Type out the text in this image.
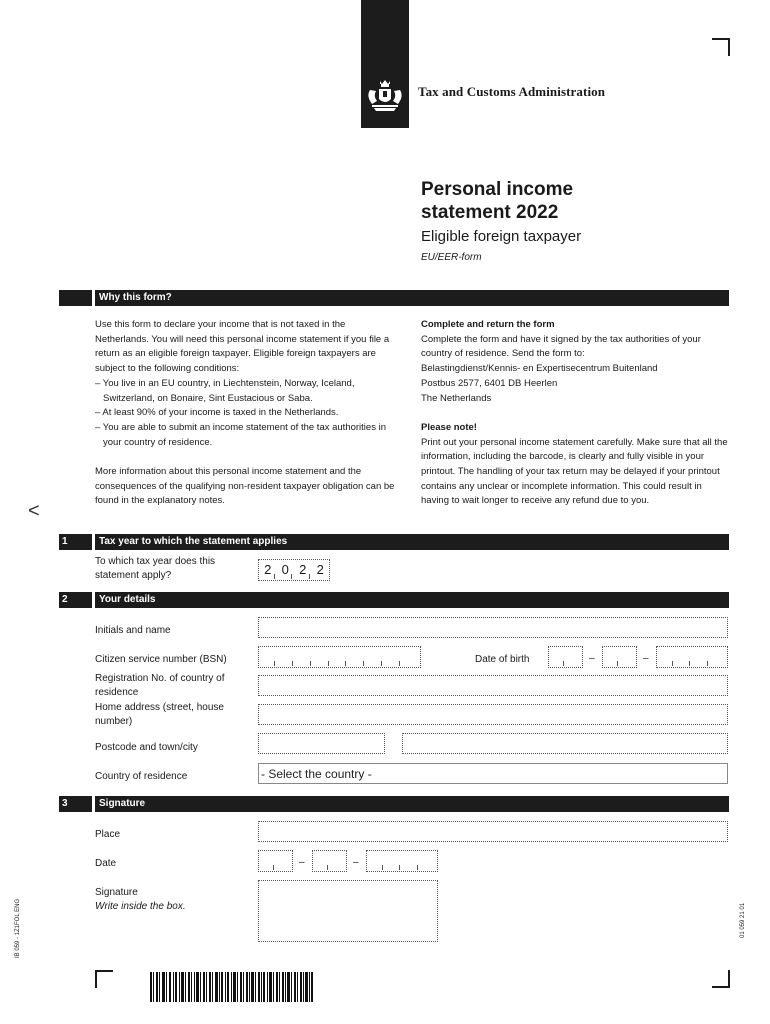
Tax and Customs Administration
Personal income statement 2022
Eligible foreign taxpayer
EU/EER-form
Why this form?

Use this form to declare your income that is not taxed in the Netherlands. You will need this personal income statement if you file a return as an eligible foreign taxpayer. Eligible foreign taxpayers are subject to the following conditions:

– You live in an EU country, in Liechtenstein, Norway, Iceland, Switzerland, on Bonaire, Sint Eustacious or Saba.

– At least 90% of your income is taxed in the Netherlands.

– You are able to submit an income statement of the tax authorities in your country of residence.

More information about this personal income statement and the consequences of the qualifying non-resident taxpayer obligation can be found in the explanatory notes.

Complete and return the form

Complete the form and have it signed by the tax authorities of your country of residence. Send the form to:

Belastingdienst/Kennis- en Expertisecentrum Buitenland

Postbus 2577, 6401 DB Heerlen

The Netherlands

Please note!

Print out your personal income statement carefully. Make sure that all the information, including the barcode, is clearly and fully visible in your printout. The handling of your tax return may be delayed if your printout contains any unclear or incomplete information. This could result in having to wait longer to receive any refund due to you.

<
1	Tax year to which the statement applies
To which tax year does this statement apply?	2 0 2 2
2	Your details
Initials and name
Citizen service number (BSN)	Date of birth	–	–
Registration No. of country of residence
Home address (street, house number)
Postcode and town/city
Country of residence
- Select the country -
3	Signature
Place
Date	–	–
Signature
Write inside the box.
IB 059 - 1Z1FOL ENG	01 059 21 01
